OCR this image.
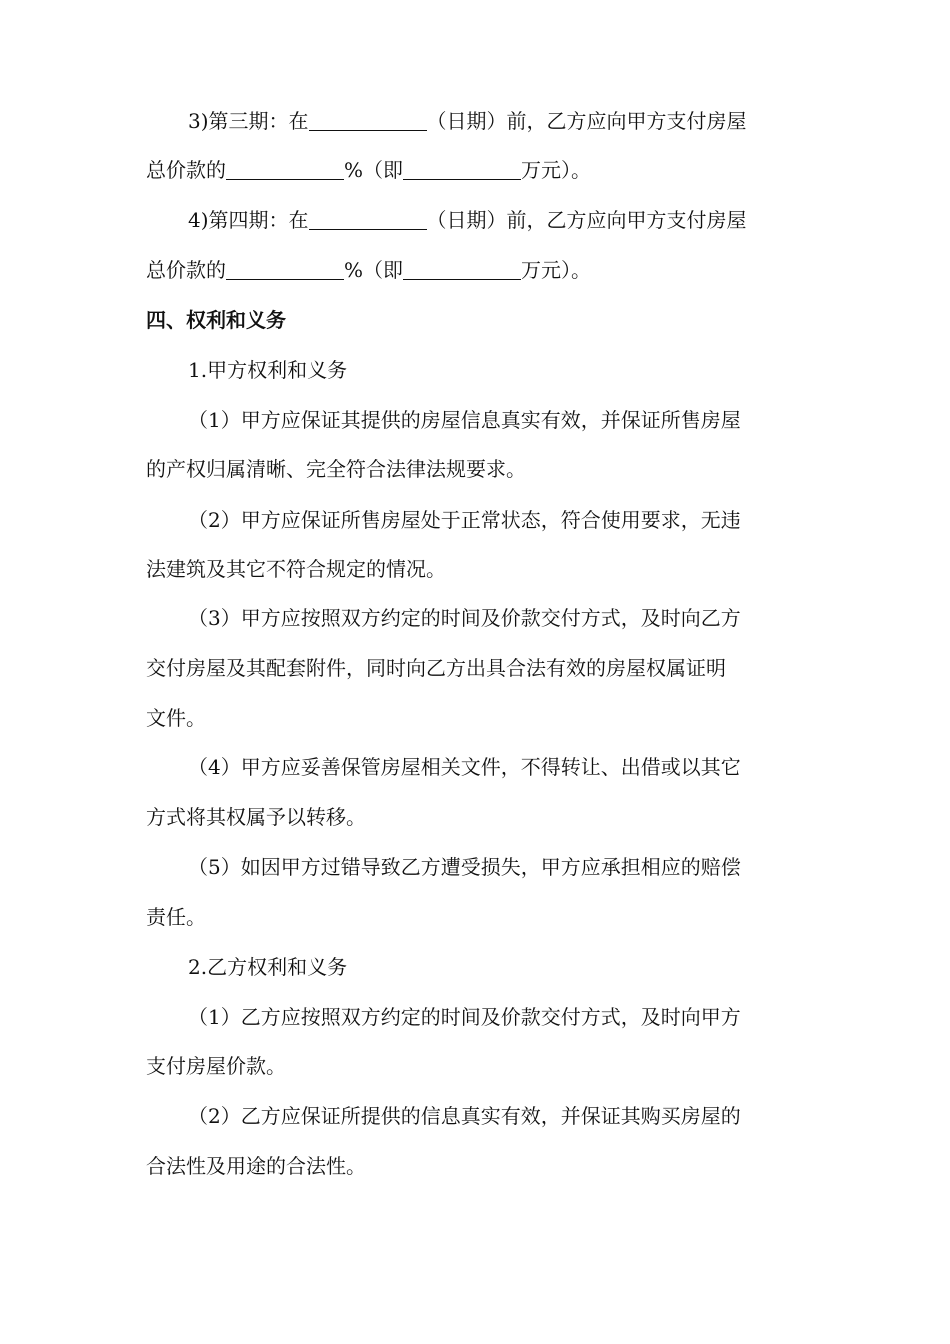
3)第三期：在	（日期）前，乙方应向甲方支付房屋
总价款的	%（即	万元）。
4)第四期：在	（日期）前，乙方应向甲方支付房屋
总价款的	%（即	万元）。
四、权利和义务
1.甲方权利和义务
（1）甲方应保证其提供的房屋信息真实有效，并保证所售房屋
的产权归属清晰、完全符合法律法规要求。
（2）甲方应保证所售房屋处于正常状态，符合使用要求，无违
法建筑及其它不符合规定的情况。
（3）甲方应按照双方约定的时间及价款交付方式，及时向乙方
交付房屋及其配套附件，同时向乙方出具合法有效的房屋权属证明
文件。
（4）甲方应妥善保管房屋相关文件，不得转让、出借或以其它
方式将其权属予以转移。
（5）如因甲方过错导致乙方遭受损失，甲方应承担相应的赔偿
责任。
2.乙方权利和义务
（1）乙方应按照双方约定的时间及价款交付方式，及时向甲方
支付房屋价款。
（2）乙方应保证所提供的信息真实有效，并保证其购买房屋的
合法性及用途的合法性。
